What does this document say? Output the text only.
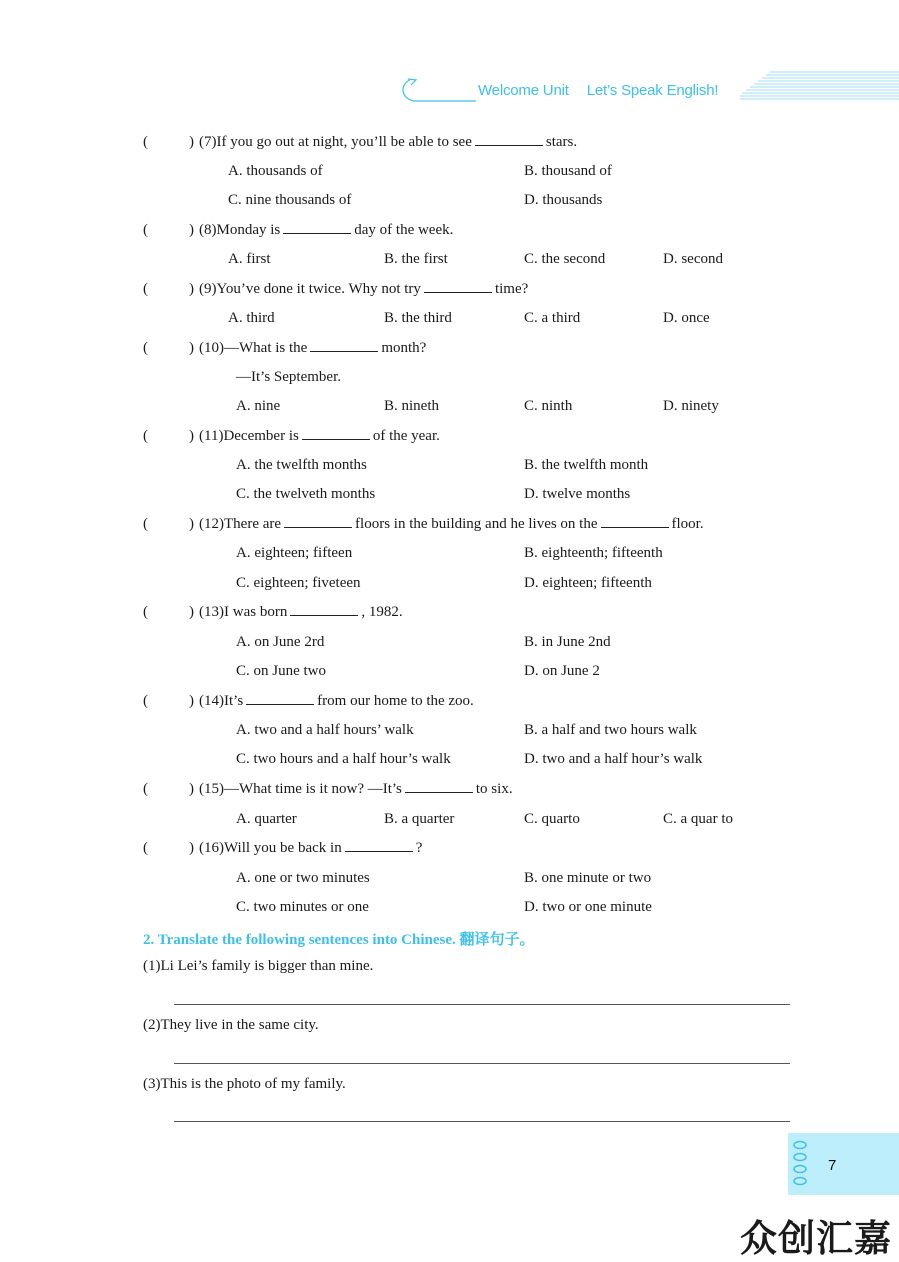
Welcome Unit Let’s Speak English!
(	) (7)If you go out at night, you’ll be able to see	stars.
A. thousands of	B. thousand of
C. nine thousands of	D. thousands
(	) (8)Monday is	day of the week.
A. first	B. the first	C. the second	D. second
(	) (9)You’ve done it twice. Why not try	time?
A. third	B. the third	C. a third	D. once
(	) (10)—What is the	month?
—It’s September.
A. nine	B. nineth	C. ninth	D. ninety
(	) (11)December is	of the year.
A. the twelfth months	B. the twelfth month
C. the twelveth months	D. twelve months
(	) (12)There are	floors in the building and he lives on the	floor.
A. eighteen; fifteen	B. eighteenth; fifteenth
C. eighteen; fiveteen	D. eighteen; fifteenth
(	) (13)I was born	, 1982.
A. on June 2rd	B. in June 2nd
C. on June two	D. on June 2
(	) (14)It’s	from our home to the zoo.
A. two and a half hours’ walk	B. a half and two hours walk
C. two hours and a half hour’s walk	D. two and a half hour’s walk
(	) (15)—What time is it now? —It’s	to six.
A. quarter	B. a quarter	C. quarto	C. a quar to
(	) (16)Will you be back in	?
A. one or two minutes	B. one minute or two
C. two minutes or one	D. two or one minute
2. Translate the following sentences into Chinese. 翻译句子。
(1)Li Lei’s family is bigger than mine.
(2)They live in the same city.
(3)This is the photo of my family.
7
众创汇嘉
